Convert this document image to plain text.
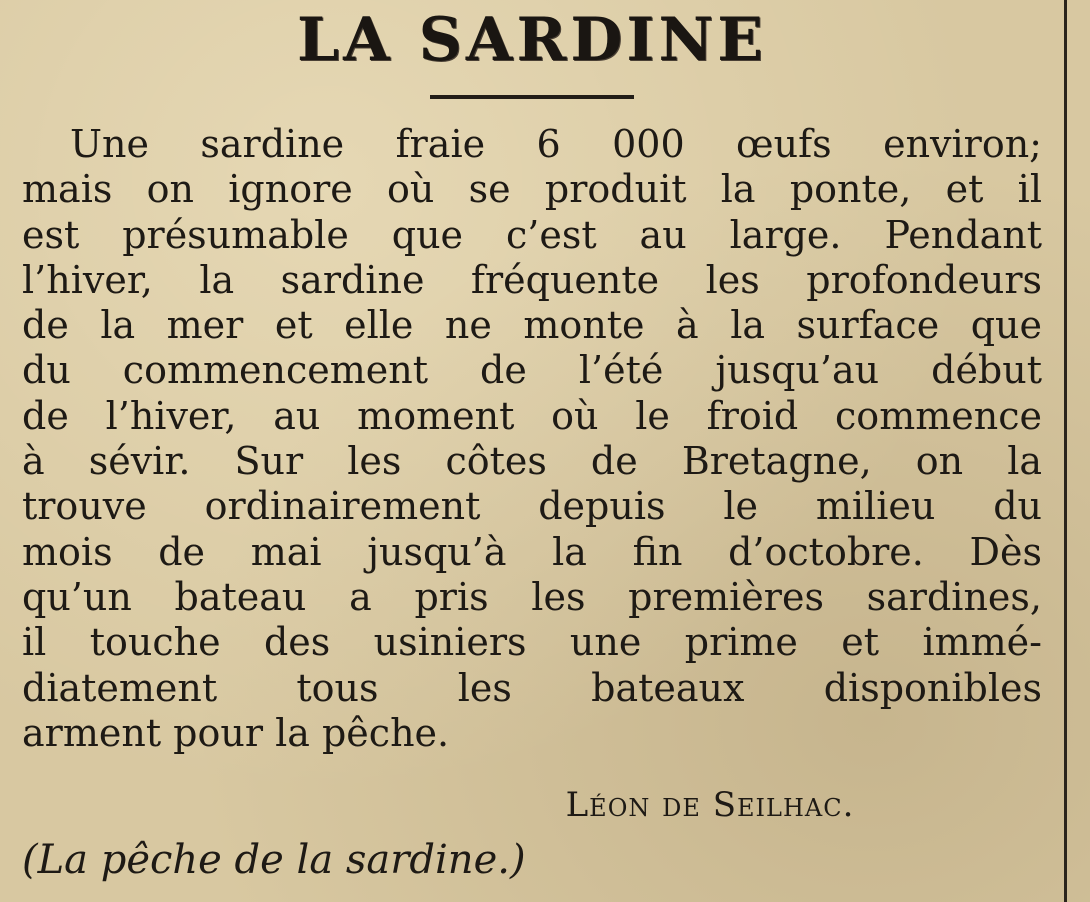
LA SARDINE
Une sardine fraie 6 000 œufs environ;
mais on ignore où se produit la ponte, et il
est présumable que c’est au large. Pendant
l’hiver, la sardine fréquente les profondeurs
de la mer et elle ne monte à la surface que
du commencement de l’été jusqu’au début
de l’hiver, au moment où le froid commence
à sévir. Sur les côtes de Bretagne, on la
trouve ordinairement depuis le milieu du
mois de mai jusqu’à la fin d’octobre. Dès
qu’un bateau a pris les premières sardines,
il touche des usiniers une prime et immé-
diatement tous les bateaux disponibles
arment pour la pêche.
Léon de Seilhac.
(La pêche de la sardine.)
